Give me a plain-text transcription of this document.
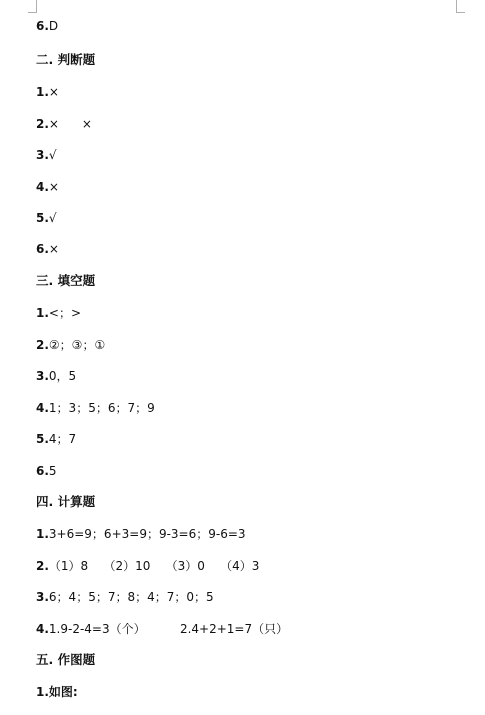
6.D
二. 判断题
1.×
2.×      ×
3.√
4.×
5.√
6.×
三. 填空题
1.<；>
2.②；③；①
3.0，5
4.1；3；5；6；7；9
5.4；7
6.5
四. 计算题
1.3+6=9；6+3=9；9-3=6；9-6=3
2.（1）8    （2）10    （3）0    （4）3
3.6；4；5；7；8；4；7；0；5
4.1.9-2-4=3（个）         2.4+2+1=7（只）
五. 作图题
1.如图:
